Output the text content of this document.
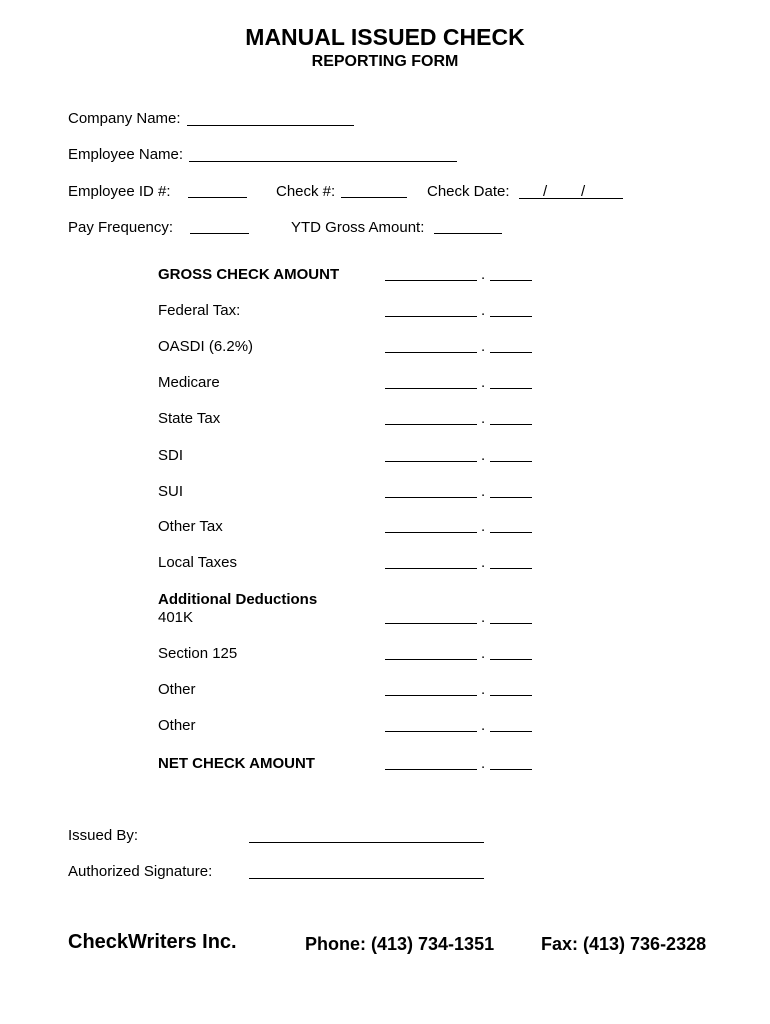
MANUAL ISSUED CHECK
REPORTING FORM
Company Name:
Employee Name:
Employee ID #:	Check #:	Check Date: / /
Pay Frequency:	YTD Gross Amount:
Additional Deductions
GROSS CHECK AMOUNT	.
Federal Tax:	.
OASDI (6.2%)	.
Medicare	.
State Tax	.
SDI	.
SUI	.
Other Tax	.
Local Taxes	.
401K	.
Section 125	.
Other	.
Other	.
NET CHECK AMOUNT	.
Issued By:
Authorized Signature:
CheckWriters Inc.	Phone: (413) 734-1351	Fax: (413) 736-2328
